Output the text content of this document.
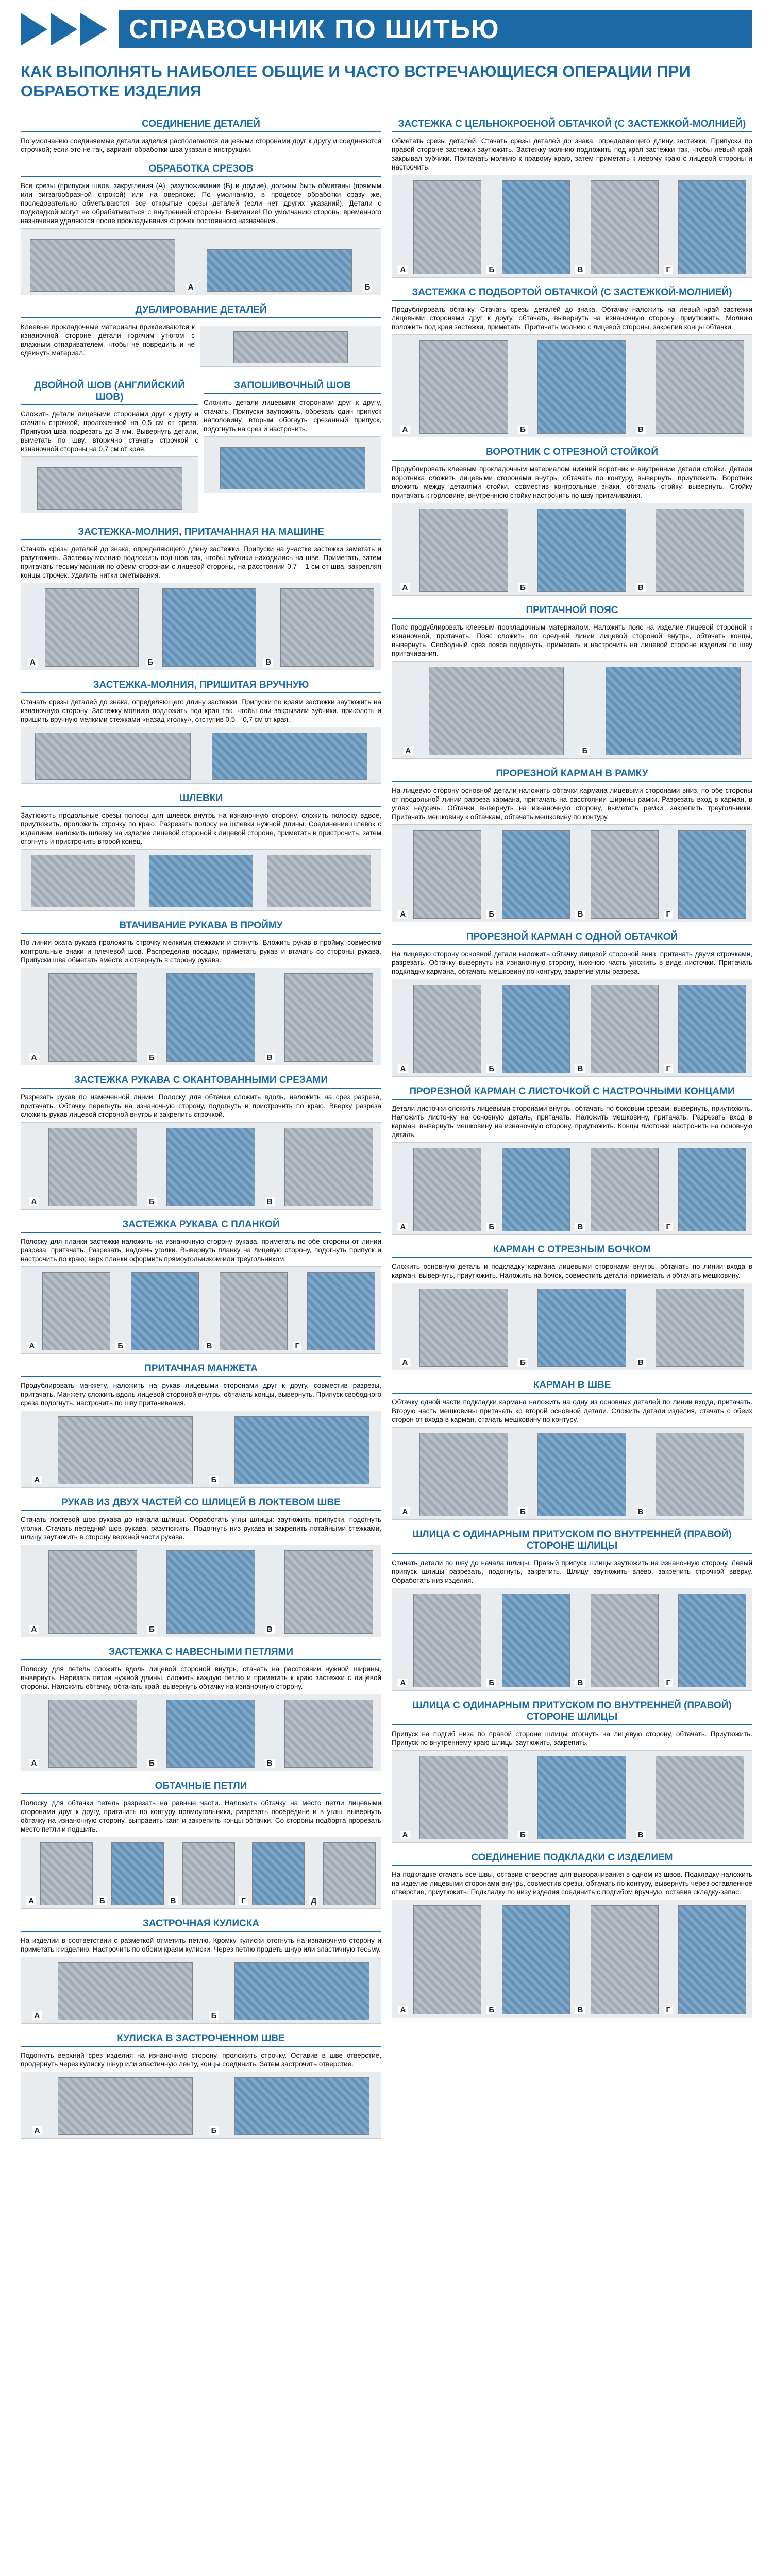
СПРАВОЧНИК ПО ШИТЬЮ
КАК ВЫПОЛНЯТЬ НАИБОЛЕЕ ОБЩИЕ И ЧАСТО ВСТРЕЧАЮЩИЕСЯ ОПЕРАЦИИ ПРИ ОБРАБОТКЕ ИЗДЕЛИЯ
СОЕДИНЕНИЕ ДЕТАЛЕЙ

По умолчанию соединяемые детали изделия располагаются лицевыми сторонами друг к другу и соединяются строчкой; если это не так, вариант обработки шва указан в инструкции.

ОБРАБОТКА СРЕЗОВ

Все срезы (припуски швов, закругления (А), разутюживание (Б) и другие), должны быть обметаны (прямым или зигзагообразной строкой) или на оверлоке. По умолчанию, в процессе обработки сразу же, последовательно обметываются все открытые срезы деталей (если нет других указаний). Детали с подкладкой могут не обрабатываться с внутренней стороны. Внимание! По умолчанию стороны временного назначения удаляются после прокладывания строчек постоянного назначения.

А	Б
ДУБЛИРОВАНИЕ ДЕТАЛЕЙ

Клеевые прокладочные материалы приклеиваются к изнаночной стороне детали горячим утюгом с влажным отпаривателем, чтобы не повредить и не сдвинуть материал.

ДВОЙНОЙ ШОВ (АНГЛИЙСКИЙ ШОВ)

Сложить детали лицевыми сторонами друг к другу и стачать строчкой, проложенной на 0,5 см от среза. Припуски шва подрезать до 3 мм. Вывернуть детали, выметать по шву, вторично стачать строчкой с изнаночной стороны на 0,7 см от края.

ЗАПОШИВОЧНЫЙ ШОВ

Сложить детали лицевыми сторонами друг к другу, стачать. Припуски заутюжить, обрезать один припуск наполовину, вторым обогнуть срезанный припуск, подогнуть на срез и настрочить.

ЗАСТЕЖКА-МОЛНИЯ, ПРИТАЧАННАЯ НА МАШИНЕ

Стачать срезы деталей до знака, определяющего длину застежки. Припуски на участке застежки заметать и разутюжить. Застежку-молнию подложить под шов так, чтобы зубчики находились на шве. Приметать, затем притачать тесьму молнии по обеим сторонам с лицевой стороны, на расстоянии 0,7 – 1 см от шва, закрепляя концы строчек. Удалить нитки сметывания.

А	Б	В
ЗАСТЕЖКА-МОЛНИЯ, ПРИШИТАЯ ВРУЧНУЮ

Стачать срезы деталей до знака, определяющего длину застежки. Припуски по краям застежки заутюжить на изнаночную сторону. Застежку-молнию подложить под края так, чтобы они закрывали зубчики, приколоть и пришить вручную мелкими стежками «назад иголку», отступив 0,5 – 0,7 см от края.

ШЛЕВКИ

Заутюжить продольные срезы полосы для шлевок внутрь на изнаночную сторону, сложить полоску вдвое, приутюжить, проложить строчку по краю. Разрезать полосу на шлевки нужной длины. Соединение шлевок с изделием: наложить шлевку на изделие лицевой стороной к лицевой стороне, приметать и пристрочить, затем отогнуть и пристрочить второй конец.

ВТАЧИВАНИЕ РУКАВА В ПРОЙМУ

По линии оката рукава проложить строчку мелкими стежками и стянуть. Вложить рукав в пройму, совместив контрольные знаки и плечевой шов. Распределив посадку, приметать рукав и втачать со стороны рукава. Припуски шва обметать вместе и отвернуть в сторону рукава.

А	Б	В
ЗАСТЕЖКА РУКАВА С ОКАНТОВАННЫМИ СРЕЗАМИ

Разрезать рукав по намеченной линии. Полоску для обтачки сложить вдоль, наложить на срез разреза, притачать. Обтачку перегнуть на изнаночную сторону, подогнуть и пристрочить по краю. Вверху разреза сложить рукав лицевой стороной внутрь и закрепить строчкой.

А	Б	В
ЗАСТЕЖКА РУКАВА С ПЛАНКОЙ

Полоску для планки застежки наложить на изнаночную сторону рукава, приметать по обе стороны от линии разреза, притачать. Разрезать, надсечь уголки. Вывернуть планку на лицевую сторону, подогнуть припуск и настрочить по краю; верх планки оформить прямоугольником или треугольником.

А	Б	В	Г
ПРИТАЧНАЯ МАНЖЕТА

Продублировать манжету, наложить на рукав лицевыми сторонами друг к другу, совместив разрезы, притачать. Манжету сложить вдоль лицевой стороной внутрь, обтачать концы, вывернуть. Припуск свободного среза подогнуть, настрочить по шву притачивания.

А	Б
РУКАВ ИЗ ДВУХ ЧАСТЕЙ СО ШЛИЦЕЙ В ЛОКТЕВОМ ШВЕ

Стачать локтевой шов рукава до начала шлицы. Обработать углы шлицы: заутюжить припуски, подогнуть уголки. Стачать передний шов рукава, разутюжить. Подогнуть низ рукава и закрепить потайными стежками, шлицу заутюжить в сторону верхней части рукава.

А	Б	В
ЗАСТЕЖКА С НАВЕСНЫМИ ПЕТЛЯМИ

Полоску для петель сложить вдоль лицевой стороной внутрь, стачать на расстоянии нужной ширины, вывернуть. Нарезать петли нужной длины, сложить каждую петлю и приметать к краю застежки с лицевой стороны. Наложить обтачку, обтачать край, вывернуть обтачку на изнаночную сторону.

А	Б	В
ОБТАЧНЫЕ ПЕТЛИ

Полоску для обтачки петель разрезать на равные части. Наложить обтачку на место петли лицевыми сторонами друг к другу, притачать по контуру прямоугольника, разрезать посередине и в углы, вывернуть обтачку на изнаночную сторону, выправить кант и закрепить концы обтачки. Со стороны подборта прорезать место петли и подшить.

А	Б	В	Г	Д
ЗАСТРОЧНАЯ КУЛИСКА

На изделии в соответствии с разметкой отметить петлю. Кромку кулиски отогнуть на изнаночную сторону и приметать к изделию. Настрочить по обоим краям кулиски. Через петлю продеть шнур или эластичную тесьму.

А	Б
КУЛИСКА В ЗАСТРОЧЕННОМ ШВЕ

Подогнуть верхний срез изделия на изнаночную сторону, проложить строчку. Оставив в шве отверстие, продернуть через кулиску шнур или эластичную ленту, концы соединить. Затем застрочить отверстие.

А	Б
ЗАСТЕЖКА С ЦЕЛЬНОКРОЕНОЙ ОБТАЧКОЙ (С ЗАСТЕЖКОЙ-МОЛНИЕЙ)

Обметать срезы деталей. Стачать срезы деталей до знака, определяющего длину застежки. Припуски по правой стороне застежки заутюжить. Застежку-молнию подложить под края застежки так, чтобы левый край закрывал зубчики. Притачать молнию к правому краю, затем приметать к левому краю с лицевой стороны и настрочить.

А	Б	В	Г
ЗАСТЕЖКА С ПОДБОРТОЙ ОБТАЧКОЙ (С ЗАСТЕЖКОЙ-МОЛНИЕЙ)

Продублировать обтачку. Стачать срезы деталей до знака. Обтачку наложить на левый край застежки лицевыми сторонами друг к другу, обтачать, вывернуть на изнаночную сторону, приутюжить. Молнию положить под края застежки, приметать. Притачать молнию с лицевой стороны, закрепив концы обтачки.

А	Б	В
ВОРОТНИК С ОТРЕЗНОЙ СТОЙКОЙ

Продублировать клеевым прокладочным материалом нижний воротник и внутренние детали стойки. Детали воротника сложить лицевыми сторонами внутрь, обтачать по контуру, вывернуть, приутюжить. Воротник вложить между деталями стойки, совместив контрольные знаки, обтачать стойку, вывернуть. Стойку притачать к горловине, внутреннюю стойку настрочить по шву притачивания.

А	Б	В
ПРИТАЧНОЙ ПОЯС

Пояс продублировать клеевым прокладочным материалом. Наложить пояс на изделие лицевой стороной к изнаночной, притачать. Пояс сложить по средней линии лицевой стороной внутрь, обтачать концы, вывернуть. Свободный срез пояса подогнуть, приметать и настрочить на лицевой стороне изделия по шву притачивания.

А	Б
ПРОРЕЗНОЙ КАРМАН В РАМКУ

На лицевую сторону основной детали наложить обтачки кармана лицевыми сторонами вниз, по обе стороны от продольной линии разреза кармана, притачать на расстоянии ширины рамки. Разрезать вход в карман, в углах надсечь. Обтачки вывернуть на изнаночную сторону, выметать рамки, закрепить треугольники. Притачать мешковину к обтачкам, обтачать мешковину по контуру.

А	Б	В	Г
ПРОРЕЗНОЙ КАРМАН С ОДНОЙ ОБТАЧКОЙ

На лицевую сторону основной детали наложить обтачку лицевой стороной вниз, притачать двумя строчками, разрезать. Обтачку вывернуть на изнаночную сторону, нижнюю часть уложить в виде листочки. Притачать подкладку кармана, обтачать мешковину по контуру, закрепив углы разреза.

А	Б	В	Г
ПРОРЕЗНОЙ КАРМАН С ЛИСТОЧКОЙ С НАСТРОЧНЫМИ КОНЦАМИ

Детали листочки сложить лицевыми сторонами внутрь, обтачать по боковым срезам, вывернуть, приутюжить. Наложить листочку на основную деталь, притачать. Наложить мешковину, притачать. Разрезать вход в карман, вывернуть мешковину на изнаночную сторону, приутюжить. Концы листочки настрочить на основную деталь.

А	Б	В	Г
КАРМАН С ОТРЕЗНЫМ БОЧКОМ

Сложить основную деталь и подкладку кармана лицевыми сторонами внутрь, обтачать по линии входа в карман, вывернуть, приутюжить. Наложить на бочок, совместить детали, приметать и обтачать мешковину.

А	Б	В
КАРМАН В ШВЕ

Обтачку одной части подкладки кармана наложить на одну из основных деталей по линии входа, притачать. Вторую часть мешковины притачать ко второй основной детали. Сложить детали изделия, стачать с обеих сторон от входа в карман, стачать мешковину по контуру.

А	Б	В
ШЛИЦА С ОДИНАРНЫМ ПРИТУСКОМ ПО ВНУТРЕННЕЙ (ПРАВОЙ) СТОРОНЕ ШЛИЦЫ

Стачать детали по шву до начала шлицы. Правый припуск шлицы заутюжить на изнаночную сторону. Левый припуск шлицы разрезать, подогнуть, закрепить. Шлицу заутюжить влево, закрепить строчкой вверху. Обработать низ изделия.

А	Б	В	Г
ШЛИЦА С ОДИНАРНЫМ ПРИТУСКОМ ПО ВНУТРЕННЕЙ (ПРАВОЙ) СТОРОНЕ ШЛИЦЫ

Припуск на подгиб низа по правой стороне шлицы отогнуть на лицевую сторону, обтачать. Приутюжить. Припуск по внутреннему краю шлицы заутюжить, закрепить.

А	Б	В
СОЕДИНЕНИЕ ПОДКЛАДКИ С ИЗДЕЛИЕМ

На подкладке стачать все швы, оставив отверстие для выворачивания в одном из швов. Подкладку наложить на изделие лицевыми сторонами внутрь, совместив срезы, обтачать по контуру, вывернуть через оставленное отверстие, приутюжить. Подкладку по низу изделия соединить с подгибом вручную, оставив складку-запас.

А	Б	В	Г
